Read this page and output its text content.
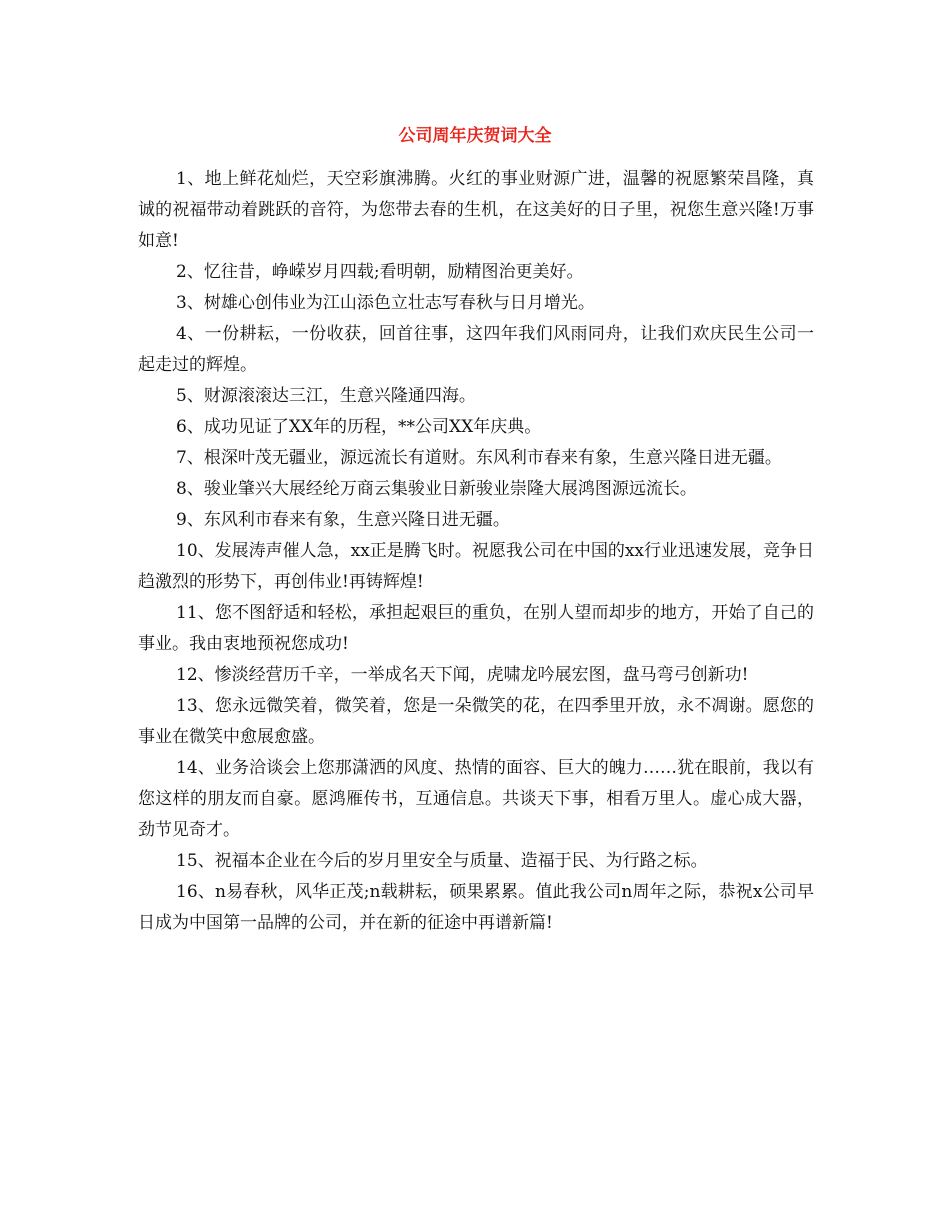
公司周年庆贺词大全

1、地上鲜花灿烂，天空彩旗沸腾。火红的事业财源广进，温馨的祝愿繁荣昌隆，真诚的祝福带动着跳跃的音符，为您带去春的生机，在这美好的日子里，祝您生意兴隆!万事如意!

2、忆往昔，峥嵘岁月四载;看明朝，励精图治更美好。

3、树雄心创伟业为江山添色立壮志写春秋与日月增光。

4、一份耕耘，一份收获，回首往事，这四年我们风雨同舟，让我们欢庆民生公司一起走过的辉煌。

5、财源滚滚达三江，生意兴隆通四海。

6、成功见证了XX年的历程，**公司XX年庆典。

7、根深叶茂无疆业，源远流长有道财。东风利市春来有象，生意兴隆日进无疆。

8、骏业肇兴大展经纶万商云集骏业日新骏业崇隆大展鸿图源远流长。

9、东风利市春来有象，生意兴隆日进无疆。

10、发展涛声催人急，xx正是腾飞时。祝愿我公司在中国的xx行业迅速发展，竞争日趋激烈的形势下，再创伟业!再铸辉煌!

11、您不图舒适和轻松，承担起艰巨的重负，在别人望而却步的地方，开始了自己的事业。我由衷地预祝您成功!

12、惨淡经营历千辛，一举成名天下闻，虎啸龙吟展宏图，盘马弯弓创新功!

13、您永远微笑着，微笑着，您是一朵微笑的花，在四季里开放，永不凋谢。愿您的事业在微笑中愈展愈盛。

14、业务洽谈会上您那潇洒的风度、热情的面容、巨大的魄力……犹在眼前，我以有您这样的朋友而自豪。愿鸿雁传书，互通信息。共谈天下事，相看万里人。虚心成大器，劲节见奇才。

15、祝福本企业在今后的岁月里安全与质量、造福于民、为行路之标。

16、n易春秋，风华正茂;n载耕耘，硕果累累。值此我公司n周年之际，恭祝x公司早日成为中国第一品牌的公司，并在新的征途中再谱新篇!
